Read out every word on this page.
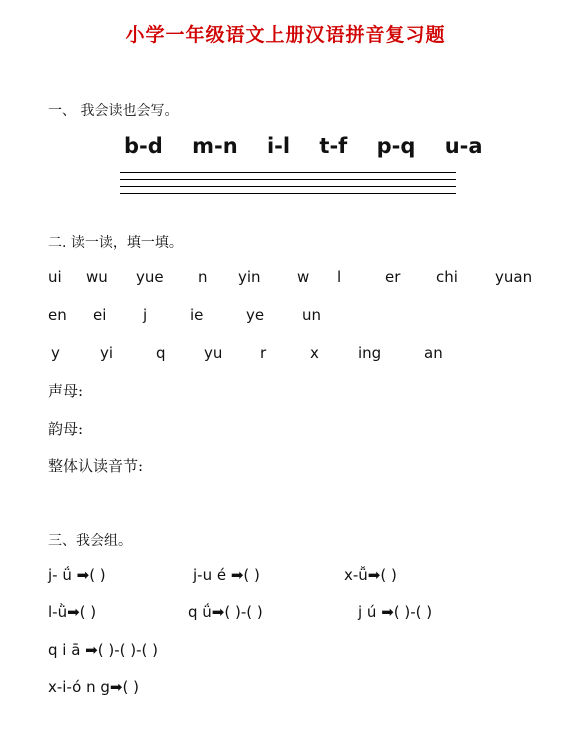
小学一年级语文上册汉语拼音复习题
一、 我会读也会写。
b-d m-n i-l t-f p-q u-a
二. 读一读，填一填。
ui wu yue n yin w l	er chi yuan
en ei j	ie	ye	un
y	yi	q	yu	r	x	ing	an
声母:
韵母:
整体认读音节:
三、我会组。
j- ǘ ➡( )	j-u é ➡( )	x-ǚ➡( )
l-ǜ➡( )	q ǘ➡( )-( )	j ú ➡( )-( )
q i ā ➡( )-( )-( )
x-i-ó n g➡( )
